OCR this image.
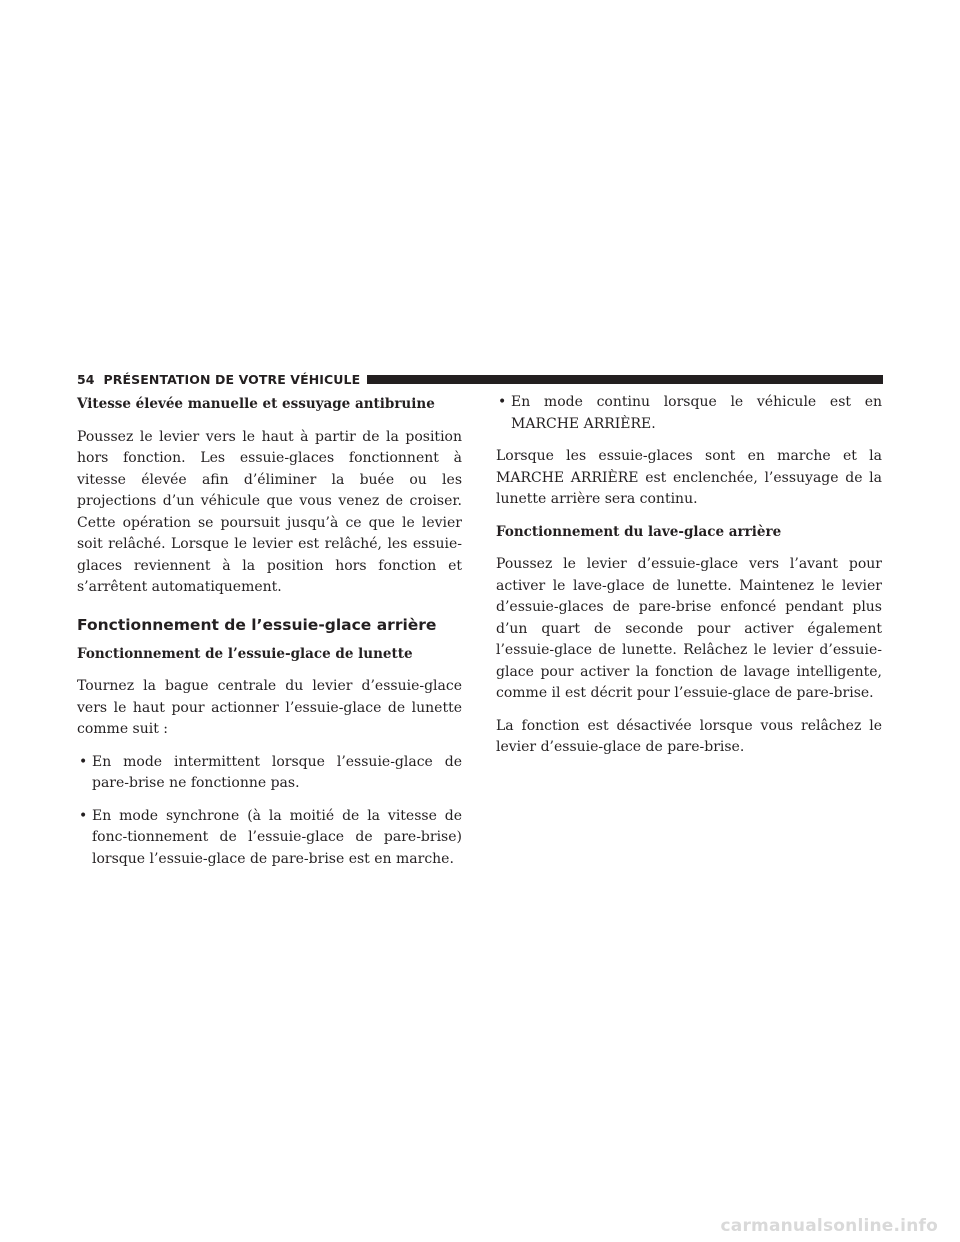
54 PRÉSENTATION DE VOTRE VÉHICULE
Vitesse élevée manuelle et essuyage antibruine

Poussez le levier vers le haut à partir de la position hors fonction. Les essuie-glaces fonctionnent à vitesse élevée afin d’éliminer la buée ou les projections d’un véhicule que vous venez de croiser. Cette opération se poursuit jusqu’à ce que le levier soit relâché. Lorsque le levier est relâché, les essuie-glaces reviennent à la position hors fonction et s’arrêtent automatiquement.

Fonctionnement de l’essuie-glace arrière
Fonctionnement de l’essuie-glace de lunette

Tournez la bague centrale du levier d’essuie-glace vers le haut pour actionner l’essuie-glace de lunette comme suit :

• En mode intermittent lorsque l’essuie-glace de pare-brise ne fonctionne pas.
• En mode synchrone (à la moitié de la vitesse de fonc-tionnement de l’essuie-glace de pare-brise) lorsque l’essuie-glace de pare-brise est en marche.
• En mode continu lorsque le véhicule est en MARCHE ARRIÈRE.

Lorsque les essuie-glaces sont en marche et la MARCHE ARRIÈRE est enclenchée, l’essuyage de la lunette arrière sera continu.

Fonctionnement du lave-glace arrière

Poussez le levier d’essuie-glace vers l’avant pour activer le lave-glace de lunette. Maintenez le levier d’essuie-glaces de pare-brise enfoncé pendant plus d’un quart de seconde pour activer également l’essuie-glace de lunette. Relâchez le levier d’essuie-glace pour activer la fonction de lavage intelligente, comme il est décrit pour l’essuie-glace de pare-brise.

La fonction est désactivée lorsque vous relâchez le levier d’essuie-glace de pare-brise.

carmanualsonline.info
